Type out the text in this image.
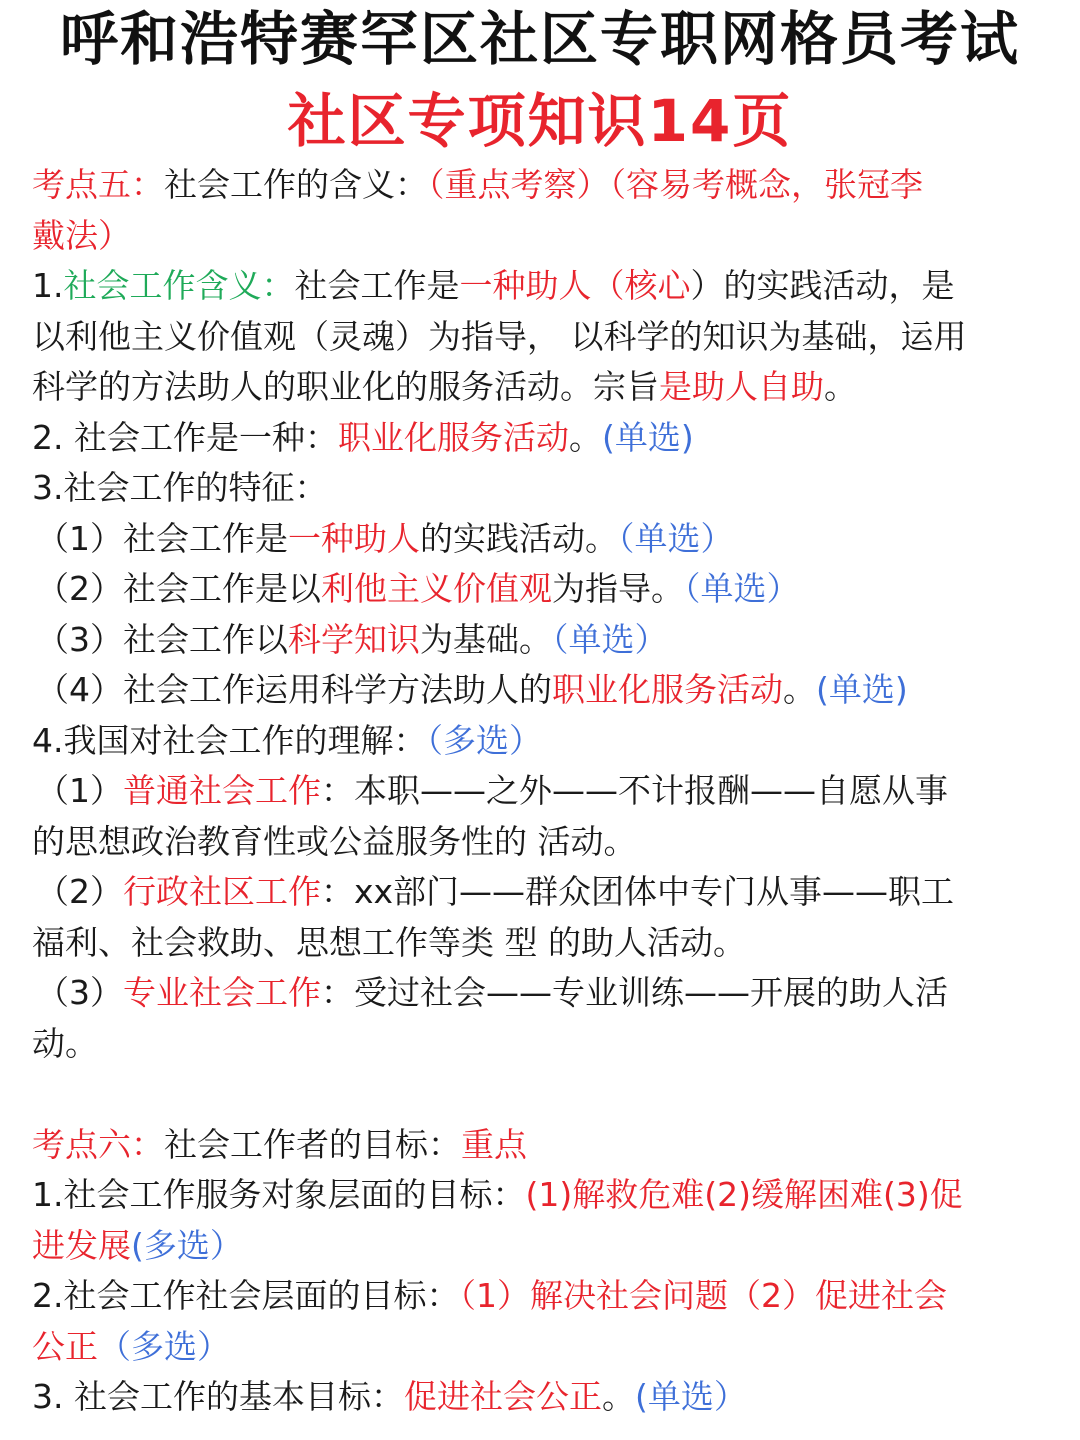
呼和浩特赛罕区社区专职网格员考试
社区专项知识14页
考点五：社会工作的含义：（重点考察）（容易考概念，张冠李
戴法）
1.社会工作含义：社会工作是一种助人（核心）的实践活动，是
以利他主义价值观（灵魂）为指导， 以科学的知识为基础，运用
科学的方法助人的职业化的服务活动。宗旨是助人自助。
2. 社会工作是一种：职业化服务活动。(单选)
3.社会工作的特征：
（1）社会工作是一种助人的实践活动。（单选）
（2）社会工作是以利他主义价值观为指导。（单选）
（3）社会工作以科学知识为基础。（单选）
（4）社会工作运用科学方法助人的职业化服务活动。(单选)
4.我国对社会工作的理解：（多选）
（1）普通社会工作：本职——之外——不计报酬——自愿从事
的思想政治教育性或公益服务性的 活动。
（2）行政社区工作：xx部门——群众团体中专门从事——职工
福利、社会救助、思想工作等类 型 的助人活动。
（3）专业社会工作：受过社会——专业训练——开展的助人活
动。
考点六：社会工作者的目标：重点
1.社会工作服务对象层面的目标：(1)解救危难(2)缓解困难(3)促
进发展(多选）
2.社会工作社会层面的目标：（1）解决社会问题（2）促进社会
公正（多选）
3. 社会工作的基本目标：促进社会公正。(单选）
